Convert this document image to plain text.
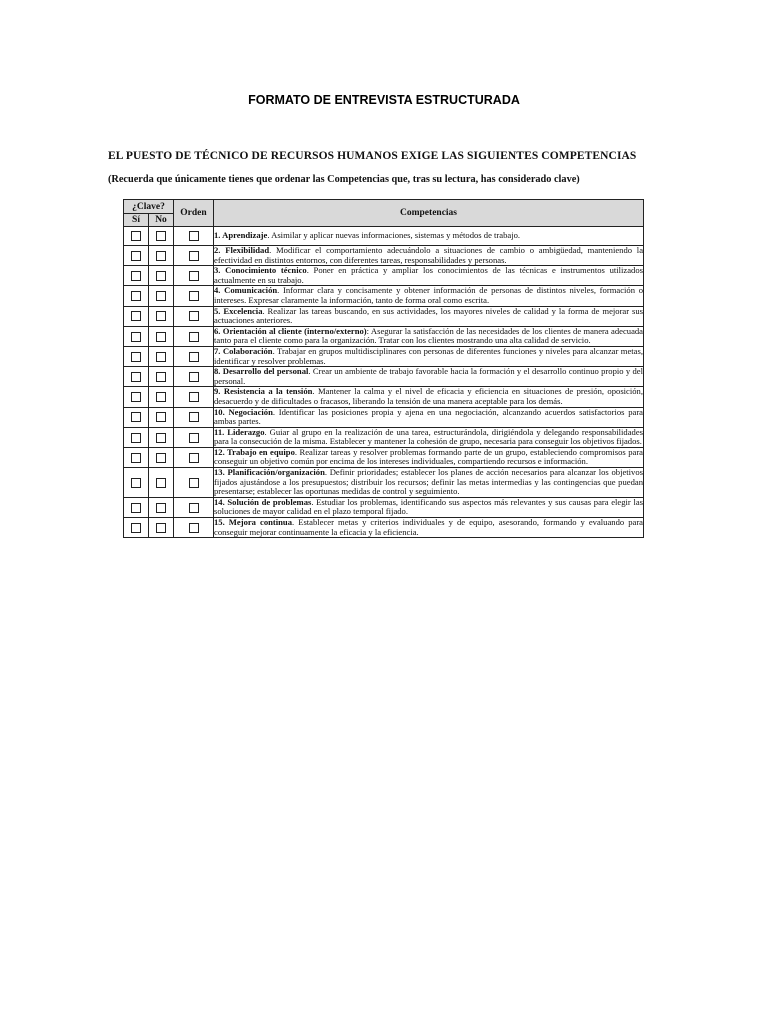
FORMATO DE ENTREVISTA ESTRUCTURADA
EL PUESTO DE TÉCNICO DE RECURSOS HUMANOS EXIGE LAS SIGUIENTES COMPETENCIAS
(Recuerda que únicamente tienes que ordenar las Competencias que, tras su lectura, has considerado clave)
¿Clave?		Orden	Competencias
Sí	No		
			1. Aprendizaje. Asimilar y aplicar nuevas informaciones, sistemas y métodos de trabajo.
			2. Flexibilidad. Modificar el comportamiento adecuándolo a situaciones de cambio o ambigüedad, manteniendo la efectividad en distintos entornos, con diferentes tareas, responsabilidades y personas.
			3. Conocimiento técnico. Poner en práctica y ampliar los conocimientos de las técnicas e instrumentos utilizados actualmente en su trabajo.
			4. Comunicación. Informar clara y concisamente y obtener información de personas de distintos niveles, formación o intereses. Expresar claramente la información, tanto de forma oral como escrita.
			5. Excelencia. Realizar las tareas buscando, en sus actividades, los mayores niveles de calidad y la forma de mejorar sus actuaciones anteriores.
			6. Orientación al cliente (interno/externo): Asegurar la satisfacción de las necesidades de los clientes de manera adecuada tanto para el cliente como para la organización. Tratar con los clientes mostrando una alta calidad de servicio.
			7. Colaboración. Trabajar en grupos multidisciplinares con personas de diferentes funciones y niveles para alcanzar metas, identificar y resolver problemas.
			8. Desarrollo del personal. Crear un ambiente de trabajo favorable hacia la formación y el desarrollo continuo propio y del personal.
			9. Resistencia a la tensión. Mantener la calma y el nivel de eficacia y eficiencia en situaciones de presión, oposición, desacuerdo y de dificultades o fracasos, liberando la tensión de una manera aceptable para los demás.
			10. Negociación. Identificar las posiciones propia y ajena en una negociación, alcanzando acuerdos satisfactorios para ambas partes.
			11. Liderazgo. Guiar al grupo en la realización de una tarea, estructurándola, dirigiéndola y delegando responsabilidades para la consecución de la misma. Establecer y mantener la cohesión de grupo, necesaria para conseguir los objetivos fijados.
			12. Trabajo en equipo. Realizar tareas y resolver problemas formando parte de un grupo, estableciendo compromisos para conseguir un objetivo común por encima de los intereses individuales, compartiendo recursos e información.
			13. Planificación/organización. Definir prioridades; establecer los planes de acción necesarios para alcanzar los objetivos fijados ajustándose a los presupuestos; distribuir los recursos; definir las metas intermedias y las contingencias que puedan presentarse; establecer las oportunas medidas de control y seguimiento.
			14. Solución de problemas. Estudiar los problemas, identificando sus aspectos más relevantes y sus causas para elegir las soluciones de mayor calidad en el plazo temporal fijado.
			15. Mejora continua. Establecer metas y criterios individuales y de equipo, asesorando, formando y evaluando para conseguir mejorar continuamente la eficacia y la eficiencia.
